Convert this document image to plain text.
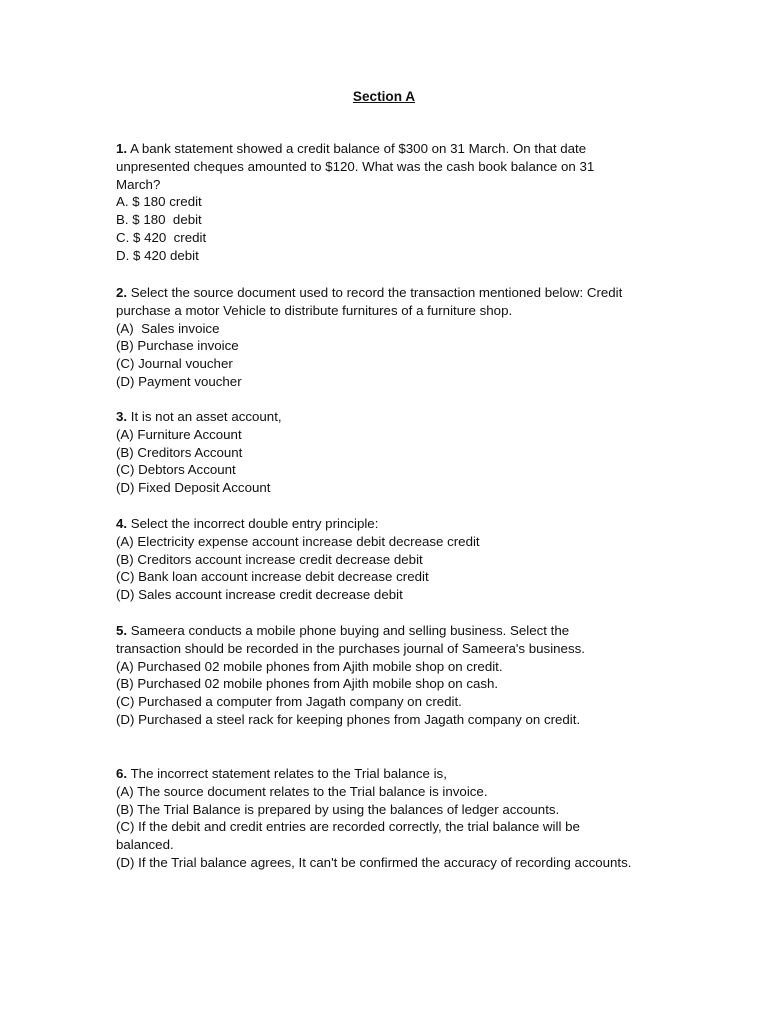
Section A

1. A bank statement showed a credit balance of $300 on 31 March. On that date unpresented cheques amounted to $120. What was the cash book balance on 31 March?

A. $ 180 credit
B. $ 180  debit
C. $ 420  credit
D. $ 420 debit

2. Select the source document used to record the transaction mentioned below: Credit purchase a motor Vehicle to distribute furnitures of a furniture shop.

(A)  Sales invoice
(B) Purchase invoice
(C) Journal voucher
(D) Payment voucher

3. It is not an asset account,

(A) Furniture Account
(B) Creditors Account
(C) Debtors Account
(D) Fixed Deposit Account

4. Select the incorrect double entry principle:

(A) Electricity expense account increase debit decrease credit
(B) Creditors account increase credit decrease debit
(C) Bank loan account increase debit decrease credit
(D) Sales account increase credit decrease debit

5. Sameera conducts a mobile phone buying and selling business. Select the transaction should be recorded in the purchases journal of Sameera's business.

(A) Purchased 02 mobile phones from Ajith mobile shop on credit.
(B) Purchased 02 mobile phones from Ajith mobile shop on cash.
(C) Purchased a computer from Jagath company on credit.
(D) Purchased a steel rack for keeping phones from Jagath company on credit.

6. The incorrect statement relates to the Trial balance is,

(A) The source document relates to the Trial balance is invoice.
(B) The Trial Balance is prepared by using the balances of ledger accounts.
(C) If the debit and credit entries are recorded correctly, the trial balance will be balanced.
(D) If the Trial balance agrees, It can't be confirmed the accuracy of recording accounts.
